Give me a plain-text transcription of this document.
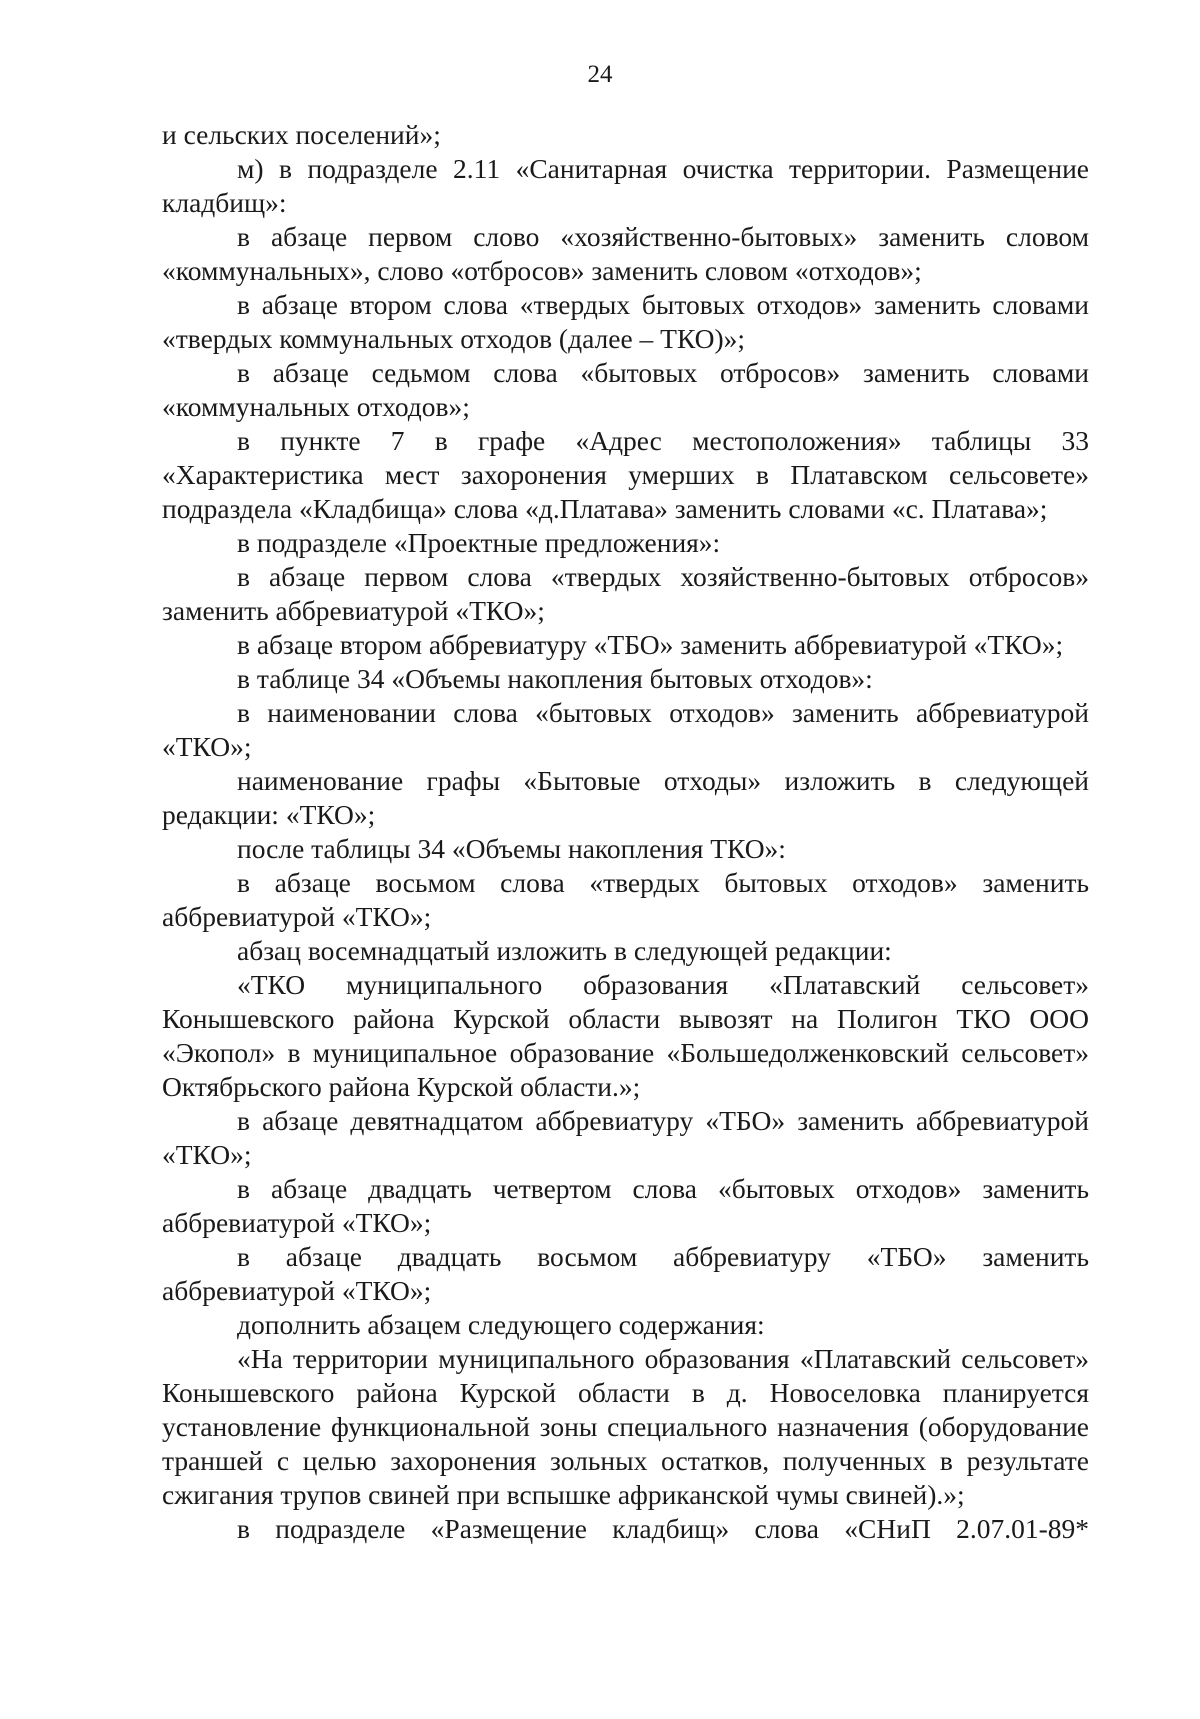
24

и сельских поселений»;

м) в подразделе 2.11 «Санитарная очистка территории. Размещение кладбищ»:

в абзаце первом слово «хозяйственно-бытовых» заменить словом «коммунальных», слово «отбросов» заменить словом «отходов»;

в абзаце втором слова «твердых бытовых отходов» заменить словами «твердых коммунальных отходов (далее – ТКО)»;

в абзаце седьмом слова «бытовых отбросов» заменить словами «коммунальных отходов»;

в пункте 7 в графе «Адрес местоположения» таблицы 33 «Характеристика мест захоронения умерших в Платавском сельсовете» подраздела «Кладбища» слова «д.Платава» заменить словами «с. Платава»;

в подразделе «Проектные предложения»:

в абзаце первом слова «твердых хозяйственно-бытовых отбросов» заменить аббревиатурой «ТКО»;

в абзаце втором аббревиатуру «ТБО» заменить аббревиатурой «ТКО»;

в таблице 34 «Объемы накопления бытовых отходов»:

в наименовании слова «бытовых отходов» заменить аббревиатурой «ТКО»;

наименование графы «Бытовые отходы» изложить в следующей редакции: «ТКО»;

после таблицы 34 «Объемы накопления ТКО»:

в абзаце восьмом слова «твердых бытовых отходов» заменить аббревиатурой «ТКО»;

абзац восемнадцатый изложить в следующей редакции:

«ТКО муниципального образования «Платавский сельсовет» Конышевского района Курской области вывозят на Полигон ТКО ООО «Экопол» в муниципальное образование «Большедолженковский сельсовет» Октябрьского района Курской области.»;

в абзаце девятнадцатом аббревиатуру «ТБО» заменить аббревиатурой «ТКО»;

в абзаце двадцать четвертом слова «бытовых отходов» заменить аббревиатурой «ТКО»;

в абзаце двадцать восьмом аббревиатуру «ТБО» заменить аббревиатурой «ТКО»;

дополнить абзацем следующего содержания:

«На территории муниципального образования «Платавский сельсовет» Конышевского района Курской области в д. Новоселовка планируется установление функциональной зоны специального назначения (оборудование траншей с целью захоронения зольных остатков, полученных в результате сжигания трупов свиней при вспышке африканской чумы свиней).»;

в подразделе «Размещение кладбищ» слова «СНиП 2.07.01-89*
